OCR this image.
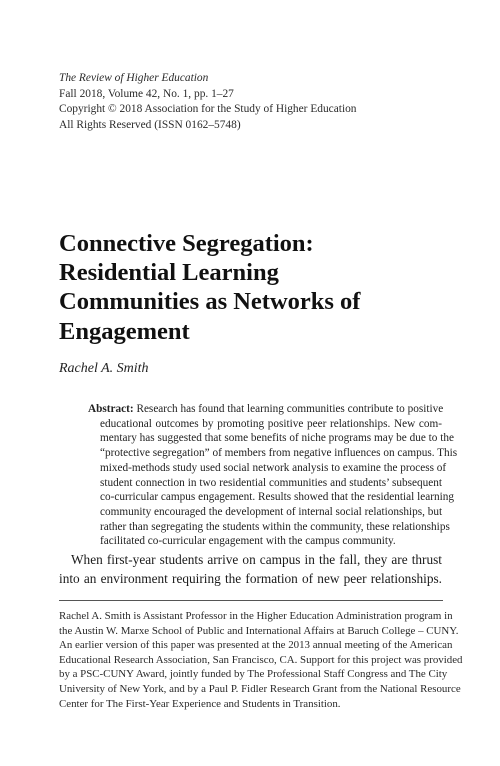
The Review of Higher Education
Fall 2018, Volume 42, No. 1, pp. 1–27
Copyright © 2018 Association for the Study of Higher Education
All Rights Reserved (ISSN 0162–5748)
Connective Segregation:
Residential Learning
Communities as Networks of
Engagement
Rachel A. Smith
Abstract: Research has found that learning communities contribute to positive
educational outcomes by promoting positive peer relationships. New com-
mentary has suggested that some benefits of niche programs may be due to the
“protective segregation” of members from negative influences on campus. This
mixed-methods study used social network analysis to examine the process of
student connection in two residential communities and students’ subsequent
co-curricular campus engagement. Results showed that the residential learning
community encouraged the development of internal social relationships, but
rather than segregating the students within the community, these relationships
facilitated co-curricular engagement with the campus community.
When first-year students arrive on campus in the fall, they are thrust
into an environment requiring the formation of new peer relationships.
Rachel A. Smith is Assistant Professor in the Higher Education Administration program in
the Austin W. Marxe School of Public and International Affairs at Baruch College – CUNY.
An earlier version of this paper was presented at the 2013 annual meeting of the American
Educational Research Association, San Francisco, CA. Support for this project was provided
by a PSC-CUNY Award, jointly funded by The Professional Staff Congress and The City
University of New York, and by a Paul P. Fidler Research Grant from the National Resource
Center for The First-Year Experience and Students in Transition.
